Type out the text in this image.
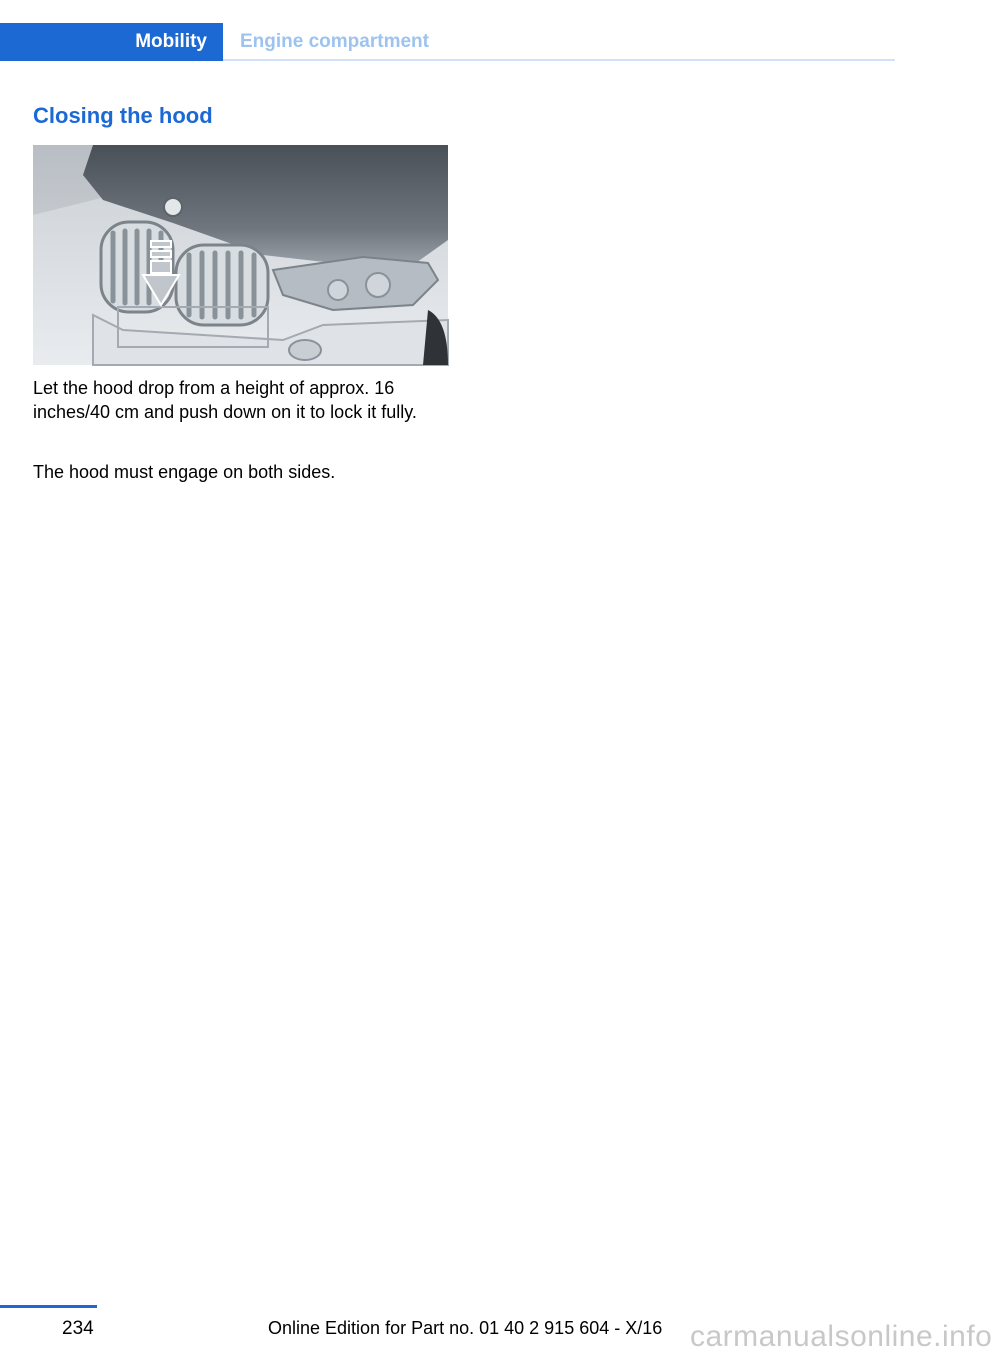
Mobility	Engine compartment
Closing the hood

Let the hood drop from a height of approx. 16 inches/40 cm and push down on it to lock it fully.

The hood must engage on both sides.

234	Online Edition for Part no. 01 40 2 915 604 - X/16 carmanualsonline.info
